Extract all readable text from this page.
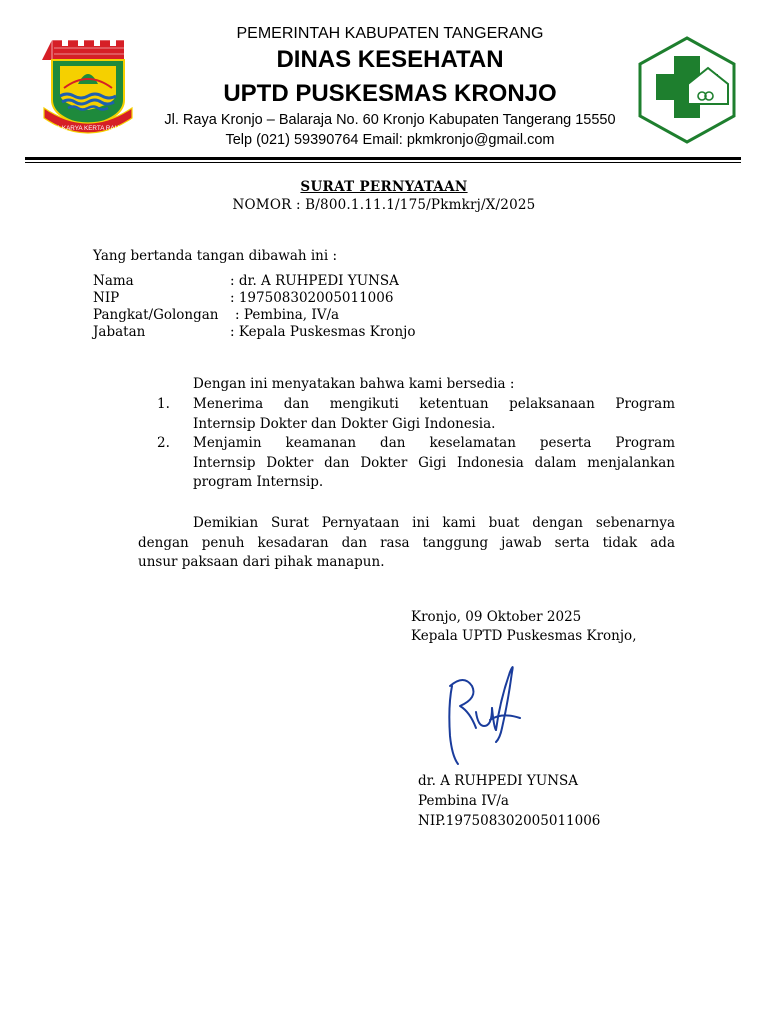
SATYA KARYA KERTA RAHARJA
PEMERINTAH KABUPATEN TANGERANG
DINAS KESEHATAN
UPTD PUSKESMAS KRONJO
Jl. Raya Kronjo – Balaraja No. 60 Kronjo Kabupaten Tangerang 15550
Telp (021) 59390764 Email: pkmkronjo@gmail.com
SURAT PERNYATAAN
NOMOR : B/800.1.11.1/175/Pkmkrj/X/2025
Yang bertanda tangan dibawah ini :
Nama	: dr. A RUHPEDI YUNSA
NIP	: 197508302005011006
Pangkat/Golongan : Pembina, IV/a
Jabatan	: Kepala Puskesmas Kronjo
Dengan ini menyatakan bahwa kami bersedia :
1. Menerima dan mengikuti ketentuan pelaksanaan Program
Internsip Dokter dan Dokter Gigi Indonesia.
2. Menjamin keamanan dan keselamatan peserta Program
Internsip Dokter dan Dokter Gigi Indonesia dalam menjalankan
program Internsip.
Demikian Surat Pernyataan ini kami buat dengan sebenarnya
dengan penuh kesadaran dan rasa tanggung jawab serta tidak ada
unsur paksaan dari pihak manapun.
Kronjo, 09 Oktober 2025
Kepala UPTD Puskesmas Kronjo,
dr. A RUHPEDI YUNSA
Pembina IV/a
NIP.197508302005011006
